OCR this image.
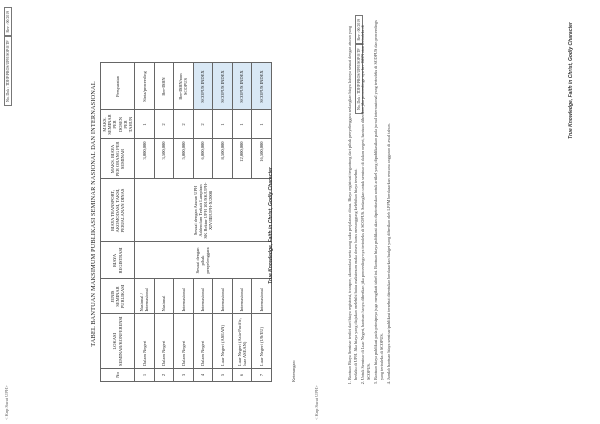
< Kop Surat UPH>
No. Dok : TDHP/PROS/UPH/SOP/8/TP
Rev : 00/2019
TABEL BANTUAN MAKSIMUM PUBLIKASI SEMINAR NASIONAL DAN INTERNASIONAL
No	LOKASI SEMINAR/KONFERENSI	JENIS SEMINAR PUBLIKASI	BIAYA REGISTRASI	BIAYA TRANSPORT, AKOMODASI, TAKSI, PERJALANAN DINAS	MAKS. BIAYA PER ORANG PER SEMINAR	MAKS. SEMINAR PER DOSEN PER TAHUN	Persyaratan
1	Dalam Negeri	Nasional / Internasional	Sesuai dengan pihak penyelenggara	Sesuai dengan Aturan UPH Addendum Terkait Lampiran SK Rektor UPH 101/SK/UPH-XIV/III/UPH-X/2008	3,000,000	1	Sinta/proceeding
2	Dalam Negeri	Nasional			3,500,000	2	Ber-ISBN
3	Dalam Negeri	Internasional			5,000,000	2	Ber-ISBN/non SCOPUS
4	Dalam Negeri	Internasional			6,000,000	2	SCOPUS INDEX
5	Luar Negeri (ASEAN)	Internasional			8,500,000	1	SCOPUS INDEX
6	Luar Negeri (Asia-Pacific, luar ASEAN)	Internasional			12,000,000	1	SCOPUS INDEX
7	Luar Negeri (US/EU)	Internasional			16,500,000	1	SCOPUS INDEX
Keterangan:
True Knowledge, Faith in Christ, Godly Character
< Kop Surat UPH>
No. Dok : TDHP/PROS/UPH/SOP/8/TP
Rev : 00/2019
1. Bantuan Biaya Seminar terdiri dari biaya registrasi, transpor, akomodasi serta uang saku perjalanan dinas. Biaya registrasi tergantung dari pihak penyelenggara sedangkan biaya lainnya sesuai dengan aturan yang berlaku di UPH. Jika biaya yang diajukan melebihi batas maksimum maka dosen harus menanggung kelebihan biaya tersebut. 2. Untuk Seminar di Luar Negeri, bantuan hanya diberikan jika proceedings-nya terindeks di SCOPUS. Sedangkan untuk seminar di dalam negeri, bantuan diberikan jika proceedings-nya ber-ISBN atau terindeks di SCOPUS. 3. Bantuan biaya publikasi pada prinsipnya juga mengikuti tabel ini. Bantuan biaya publikasi akan diprioritaskan untuk artikel yang dipublikasikan pada jurnal internasional yang terindeks di SCOPUS dan proceedings yang terindeks di SCOPUS. 4. Jumlah bantuan biaya seminar/publikasi tersebut ditentukan berdasarkan budget yang diberikan oleh LPPM berdasarkan rencana anggaran di awal tahun.
True Knowledge, Faith in Christ, Godly Character
